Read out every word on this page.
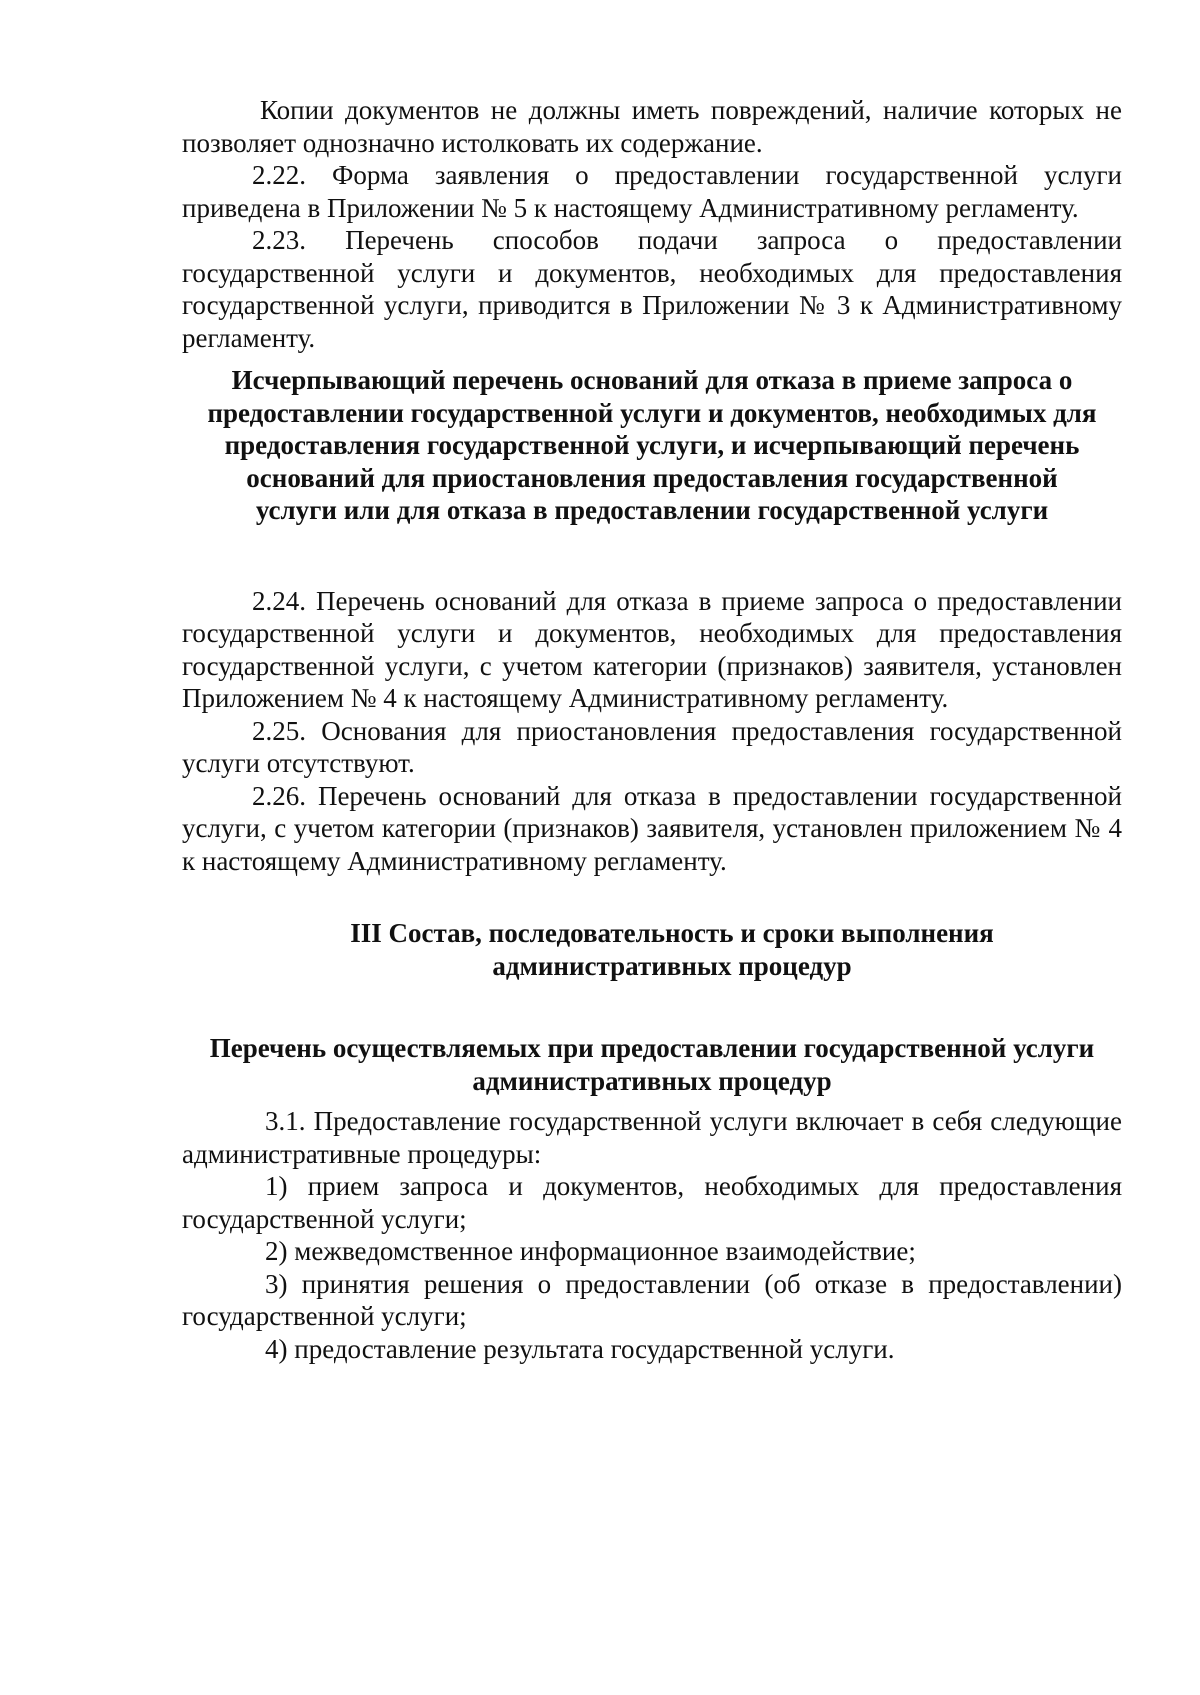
Копии документов не должны иметь повреждений, наличие которых не позволяет однозначно истолковать их содержание.

2.22. Форма заявления о предоставлении государственной услуги приведена в Приложении № 5 к настоящему Административному регламенту.

2.23. Перечень способов подачи запроса о предоставлении государственной услуги и документов, необходимых для предоставления государственной услуги, приводится в Приложении № 3 к Административному регламенту.

Исчерпывающий перечень оснований для отказа в приеме запроса о
предоставлении государственной услуги и документов, необходимых для
предоставления государственной услуги, и исчерпывающий перечень
оснований для приостановления предоставления государственной
услуги или для отказа в предоставлении государственной услуги

2.24. Перечень оснований для отказа в приеме запроса о предоставлении государственной услуги и документов, необходимых для предоставления государственной услуги, с учетом категории (признаков) заявителя, установлен Приложением № 4 к настоящему Административному регламенту.

2.25. Основания для приостановления предоставления государственной услуги отсутствуют.

2.26. Перечень оснований для отказа в предоставлении государственной услуги, с учетом категории (признаков) заявителя, установлен приложением № 4 к настоящему Административному регламенту.

III Состав, последовательность и сроки выполнения
административных процедур
Перечень осуществляемых при предоставлении государственной услуги
административных процедур

3.1. Предоставление государственной услуги включает в себя следующие административные процедуры:

1) прием запроса и документов, необходимых для предоставления государственной услуги;

2) межведомственное информационное взаимодействие;

3) принятия решения о предоставлении (об отказе в предоставлении) государственной услуги;

4) предоставление результата государственной услуги.
